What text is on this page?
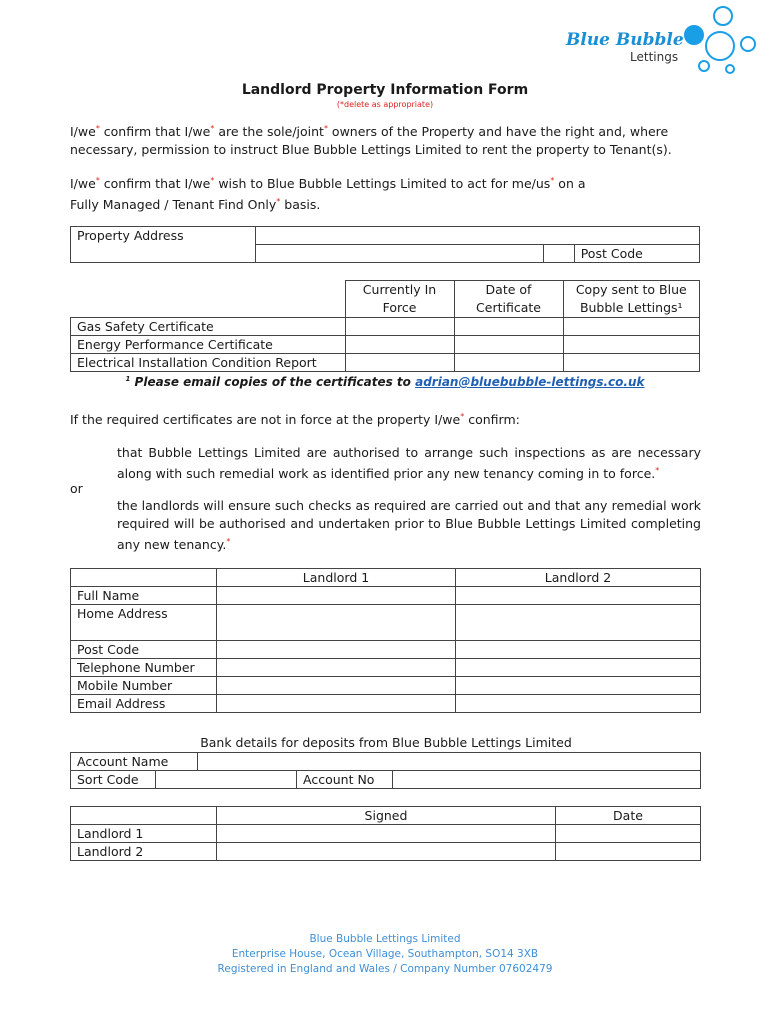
Blue Bubble
Lettings
Landlord Property Information Form
(*delete as appropriate)
I/we* confirm that I/we* are the sole/joint* owners of the Property and have the right and, where necessary, permission to instruct Blue Bubble Lettings Limited to rent the property to Tenant(s).
I/we* confirm that I/we* wish to Blue Bubble Lettings Limited to act for me/us* on a
Fully Managed / Tenant Find Only* basis.
Property Address		
		Post Code
	Currently In Force	Date of Certificate	Copy sent to Blue Bubble Lettings¹
Gas Safety Certificate			
Energy Performance Certificate			
Electrical Installation Condition Report			
$^1$ Please email copies of the certificates to adrian@bluebubble-lettings.co.uk
If the required certificates are not in force at the property I/we* confirm:
that Bubble Lettings Limited are authorised to arrange such inspections as are necessary along with such remedial work as identified prior any new tenancy coming in to force.*
or
the landlords will ensure such checks as required are carried out and that any remedial work required will be authorised and undertaken prior to Blue Bubble Lettings Limited completing any new tenancy.*
	Landlord 1	Landlord 2
Full Name		
Home Address		
Post Code		
Telephone Number		
Mobile Number		
Email Address		
Bank details for deposits from Blue Bubble Lettings Limited
Account Name	
Sort Code		Account No	
	Signed	Date
Landlord 1		
Landlord 2		
Blue Bubble Lettings Limited
Enterprise House, Ocean Village, Southampton, SO14 3XB
Registered in England and Wales / Company Number 07602479
